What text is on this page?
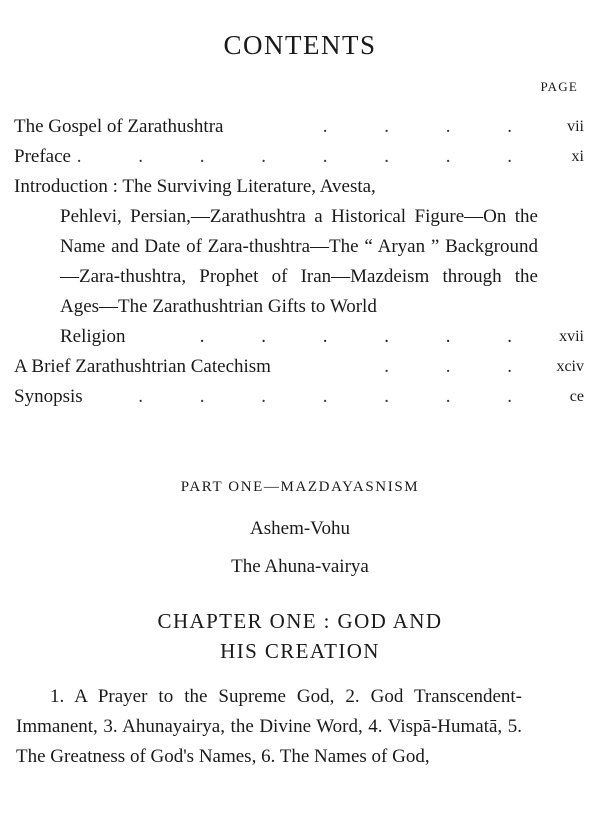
CONTENTS
PAGE
The Gospel of Zarathushtra	. . . .	vii
Preface . . . . . . . .	xi
Introduction : The Surviving Literature, Avesta,
Pehlevi, Persian,—Zarathushtra a Historical Figure—On the Name and Date of Zara-thushtra—The “ Aryan ” Background—Zara-thushtra, Prophet of Iran—Mazdeism through the Ages—The Zarathushtrian Gifts to World
Religion	. . . . . .	xvii
A Brief Zarathushtrian Catechism	. . .	xciv
Synopsis	. . . . . . .	ce
PART ONE—MAZDAYASNISM
Ashem-Vohu
The Ahuna-vairya
CHAPTER ONE : GOD AND
HIS CREATION
1. A Prayer to the Supreme God, 2. God Transcendent-Immanent, 3. Ahunayairya, the Divine Word, 4. Vispā-Humatā, 5. The Greatness of God's Names, 6. The Names of God,
